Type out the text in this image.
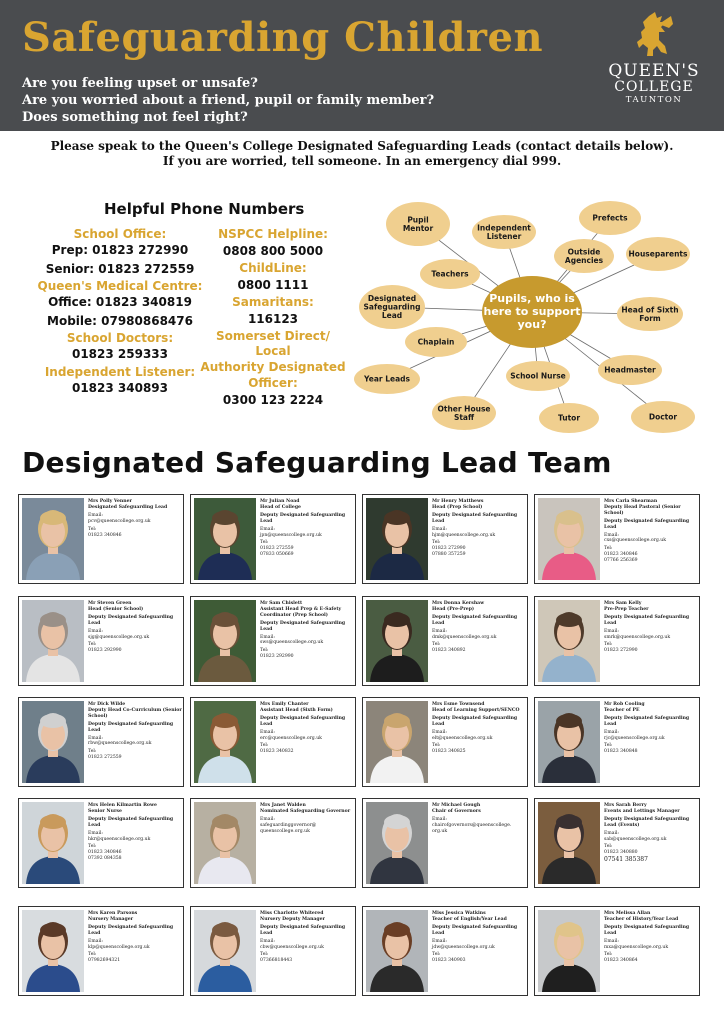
Safeguarding Children
Are you feeling upset or unsafe?
Are you worried about a friend, pupil or family member?
Does something not feel right?
QUEEN'S
COLLEGE
TAUNTON
Please speak to the Queen's College Designated Safeguarding Leads (contact details below).
If you are worried, tell someone. In an emergency dial 999.
Helpful Phone Numbers
School Office:
Prep: 01823 272990
Senior: 01823 272559
Queen's Medical Centre:
Office: 01823 340819
Mobile: 07980868476
School Doctors:
01823 259333
Independent Listener:
01823 340893
NSPCC Helpline:
0808 800 5000
ChildLine:
0800 1111
Samaritans:
116123
Somerset Direct/ Local
Authority Designated
Officer:
0300 123 2224
Pupil
Mentor	Independent
Listener
Prefects
Outside
Agencies
Houseparents
Teachers
Designated
Safeguarding
Lead
Head of Sixth
Form
Chaplain
Headmaster
Year Leads	School Nurse
Other House
Staff	Tutor	Doctor
Pupils, who is
here to support
you?
Designated Safeguarding Lead Team
Mrs Polly Venner
Designated Safeguarding Lead
Email:
pcv@queenscollege.org.uk
Tel:
01823 340846
Mr Julian Noad
Head of College
Deputy Designated Safeguarding Lead
Email:
jpn@queenscollege.org.uk
Tel:
01823 272559
07833 050669
Mr Henry Matthews
Head (Prep School)
Deputy Designated Safeguarding Lead
Email:
hjm@queenscollege.org.uk
Tel:
01823 272990
07880 357259
Mrs Carla Shearman
Deputy Head Pastoral (Senior School)
Deputy Designated Safeguarding Lead
Email:
cxs@queenscollege.org.uk
Tel:
01823 340846
07766 256369
Mr Steven Green
Head (Senior School)
Deputy Designated Safeguarding Lead
Email:
sjg@queenscollege.org.uk
Tel:
01823 292990
Mr Sam Chislett
Assistant Head Prep & E-Safety Coordinator (Prep School)
Deputy Designated Safeguarding Lead
Email:
sws@queenscollege.org.uk
Tel:
01823 292990
Mrs Donna Kershaw
Head (Pre-Prep)
Deputy Designated Safeguarding Lead
Email:
dmk@queenscollege.org.uk
Tel:
01823 340892
Mrs Sam Kelly
Pre-Prep Teacher
Deputy Designated Safeguarding Lead
Email:
smrk@queenscollege.org.uk
Tel:
01823 272990
Mr Dick Wilde
Deputy Head Co-Curriculum (Senior School)
Deputy Designated Safeguarding Lead
Email:
rbw@queenscollege.org.uk
Tel:
01823 272559
Mrs Emily Chanter
Assistant Head (Sixth Form)
Deputy Designated Safeguarding Lead
Email:
erc@queenscollege.org.uk
Tel:
01823 340832
Mrs Esme Townsend
Head of Learning Support/SENCO
Deputy Designated Safeguarding Lead
Email:
elt@queenscollege.org.uk
Tel:
01823 340825
Mr Rob Cooling
Teacher of PE
Deputy Designated Safeguarding Lead
Email:
rjc@queenscollege.org.uk
Tel:
01823 340848
Mrs Helen Kilmartin Rowe
Senior Nurse
Deputy Designated Safeguarding Lead
Email:
hkr@queenscollege.org.uk
Tel:
01823 340846
07392 084358
Mrs Janet Walden
Nominated Safeguarding Governor
Email:
safeguardinggovernor@ queenscollege.org.uk
Mr Michael Gough
Chair of Governors
Email:
chairofgovernors@queenscollege. org.uk
Mrs Sarah Berry
Events and Lettings Manager
Deputy Designated Safeguarding Lead (Events)
Email:
sab@queenscollege.org.uk
Tel:
01823 340880
07541 385387
Mrs Karen Parsons
Nursery Manager
Deputy Designated Safeguarding Lead
Email:
klp@queenscollege.org.uk
Tel:
07982694321
Miss Charlotte Whitered
Nursery Deputy Manager
Deputy Designated Safeguarding Lead
Email:
cbw@queenscollege.org.uk
Tel:
07366818443
Miss Jessica Watkins
Teacher of English/Year Lead
Deputy Designated Safeguarding Lead
Email:
jdw@queenscollege.org.uk
Tel:
01823 340903
Mrs Melissa Allan
Teacher of History/Year Lead
Deputy Designated Safeguarding Lead
Email:
mxa@queenscollege.org.uk
Tel:
01823 340864
